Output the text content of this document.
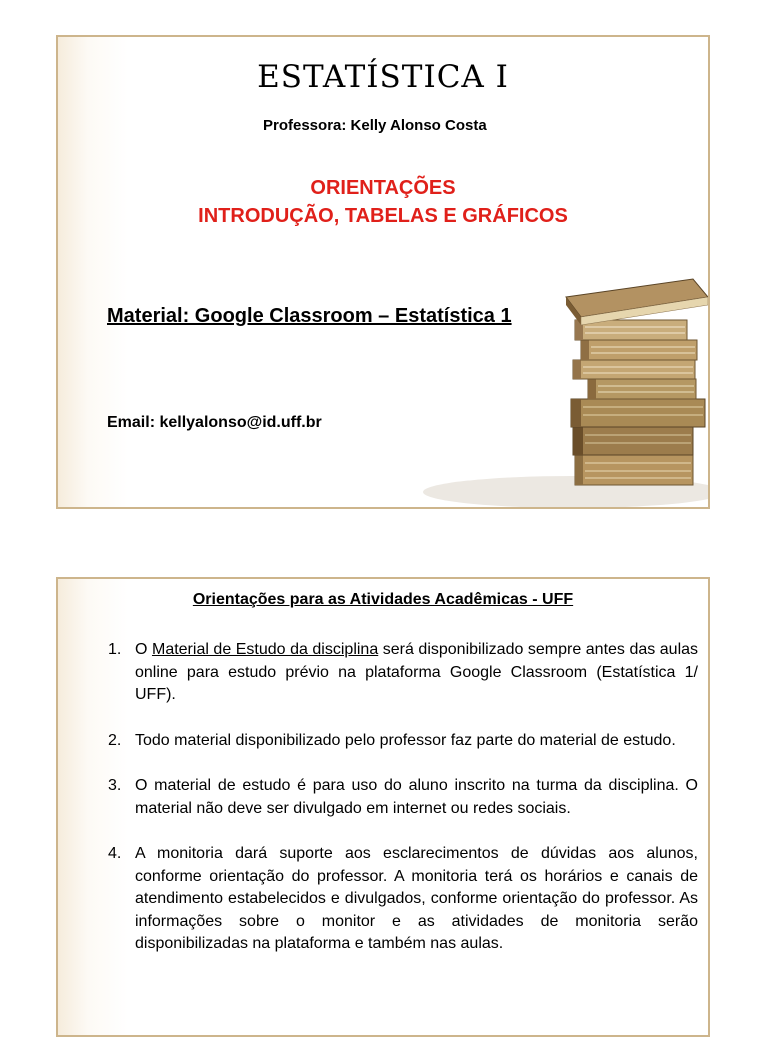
ESTATÍSTICA I
Professora: Kelly Alonso Costa
ORIENTAÇÕES
INTRODUÇÃO, TABELAS E GRÁFICOS
Material: Google Classroom – Estatística 1
Email: kellyalonso@id.uff.br
Orientações para as Atividades Acadêmicas - UFF
1. O Material de Estudo da disciplina será disponibilizado sempre antes das aulas online para estudo prévio na plataforma Google Classroom (Estatística 1/ UFF).
2. Todo material disponibilizado pelo professor faz parte do material de estudo.
3. O material de estudo é para uso do aluno inscrito na turma da disciplina. O material não deve ser divulgado em internet ou redes sociais.
4. A monitoria dará suporte aos esclarecimentos de dúvidas aos alunos, conforme orientação do professor. A monitoria terá os horários e canais de atendimento estabelecidos e divulgados, conforme orientação do professor. As informações sobre o monitor e as atividades de monitoria serão disponibilizadas na plataforma e também nas aulas.
